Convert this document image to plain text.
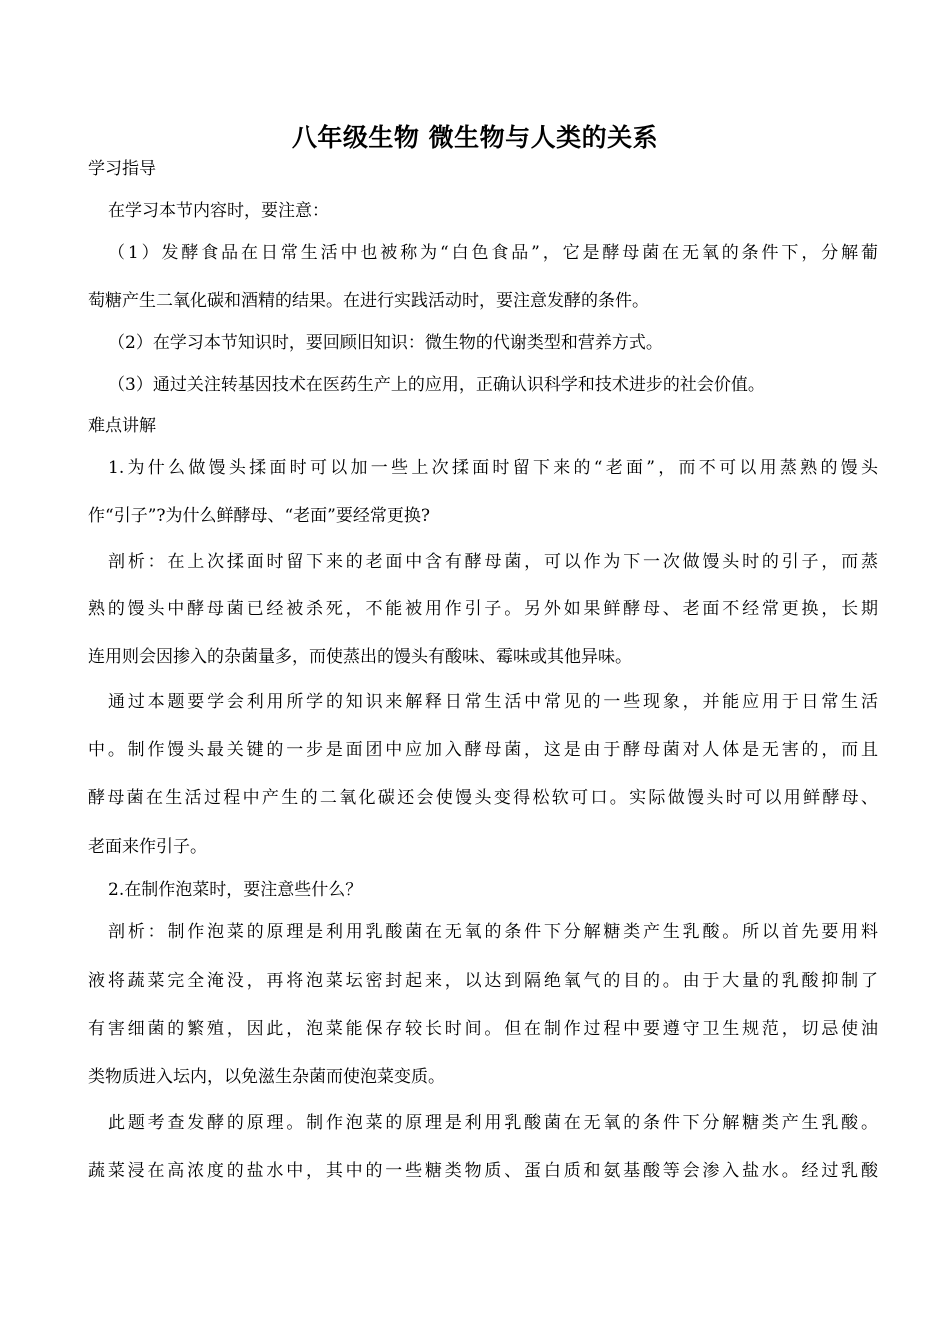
八年级生物 微生物与人类的关系
学习指导
在学习本节内容时，要注意：
（1）发酵食品在日常生活中也被称为“白色食品”，它是酵母菌在无氧的条件下，分解葡
萄糖产生二氧化碳和酒精的结果。在进行实践活动时，要注意发酵的条件。
（2）在学习本节知识时，要回顾旧知识：微生物的代谢类型和营养方式。
（3）通过关注转基因技术在医药生产上的应用，正确认识科学和技术进步的社会价值。
难点讲解
1.为什么做馒头揉面时可以加一些上次揉面时留下来的“老面”，而不可以用蒸熟的馒头
作“引子”?为什么鲜酵母、“老面”要经常更换?
剖析：在上次揉面时留下来的老面中含有酵母菌，可以作为下一次做馒头时的引子，而蒸
熟的馒头中酵母菌已经被杀死，不能被用作引子。另外如果鲜酵母、老面不经常更换，长期
连用则会因掺入的杂菌量多，而使蒸出的馒头有酸味、霉味或其他异味。
通过本题要学会利用所学的知识来解释日常生活中常见的一些现象，并能应用于日常生活
中。制作馒头最关键的一步是面团中应加入酵母菌，这是由于酵母菌对人体是无害的，而且
酵母菌在生活过程中产生的二氧化碳还会使馒头变得松软可口。实际做馒头时可以用鲜酵母、
老面来作引子。
2.在制作泡菜时，要注意些什么？
剖析：制作泡菜的原理是利用乳酸菌在无氧的条件下分解糖类产生乳酸。所以首先要用料
液将蔬菜完全淹没，再将泡菜坛密封起来，以达到隔绝氧气的目的。由于大量的乳酸抑制了
有害细菌的繁殖，因此，泡菜能保存较长时间。但在制作过程中要遵守卫生规范，切忌使油
类物质进入坛内，以免滋生杂菌而使泡菜变质。
此题考查发酵的原理。制作泡菜的原理是利用乳酸菌在无氧的条件下分解糖类产生乳酸。
蔬菜浸在高浓度的盐水中，其中的一些糖类物质、蛋白质和氨基酸等会渗入盐水。经过乳酸
